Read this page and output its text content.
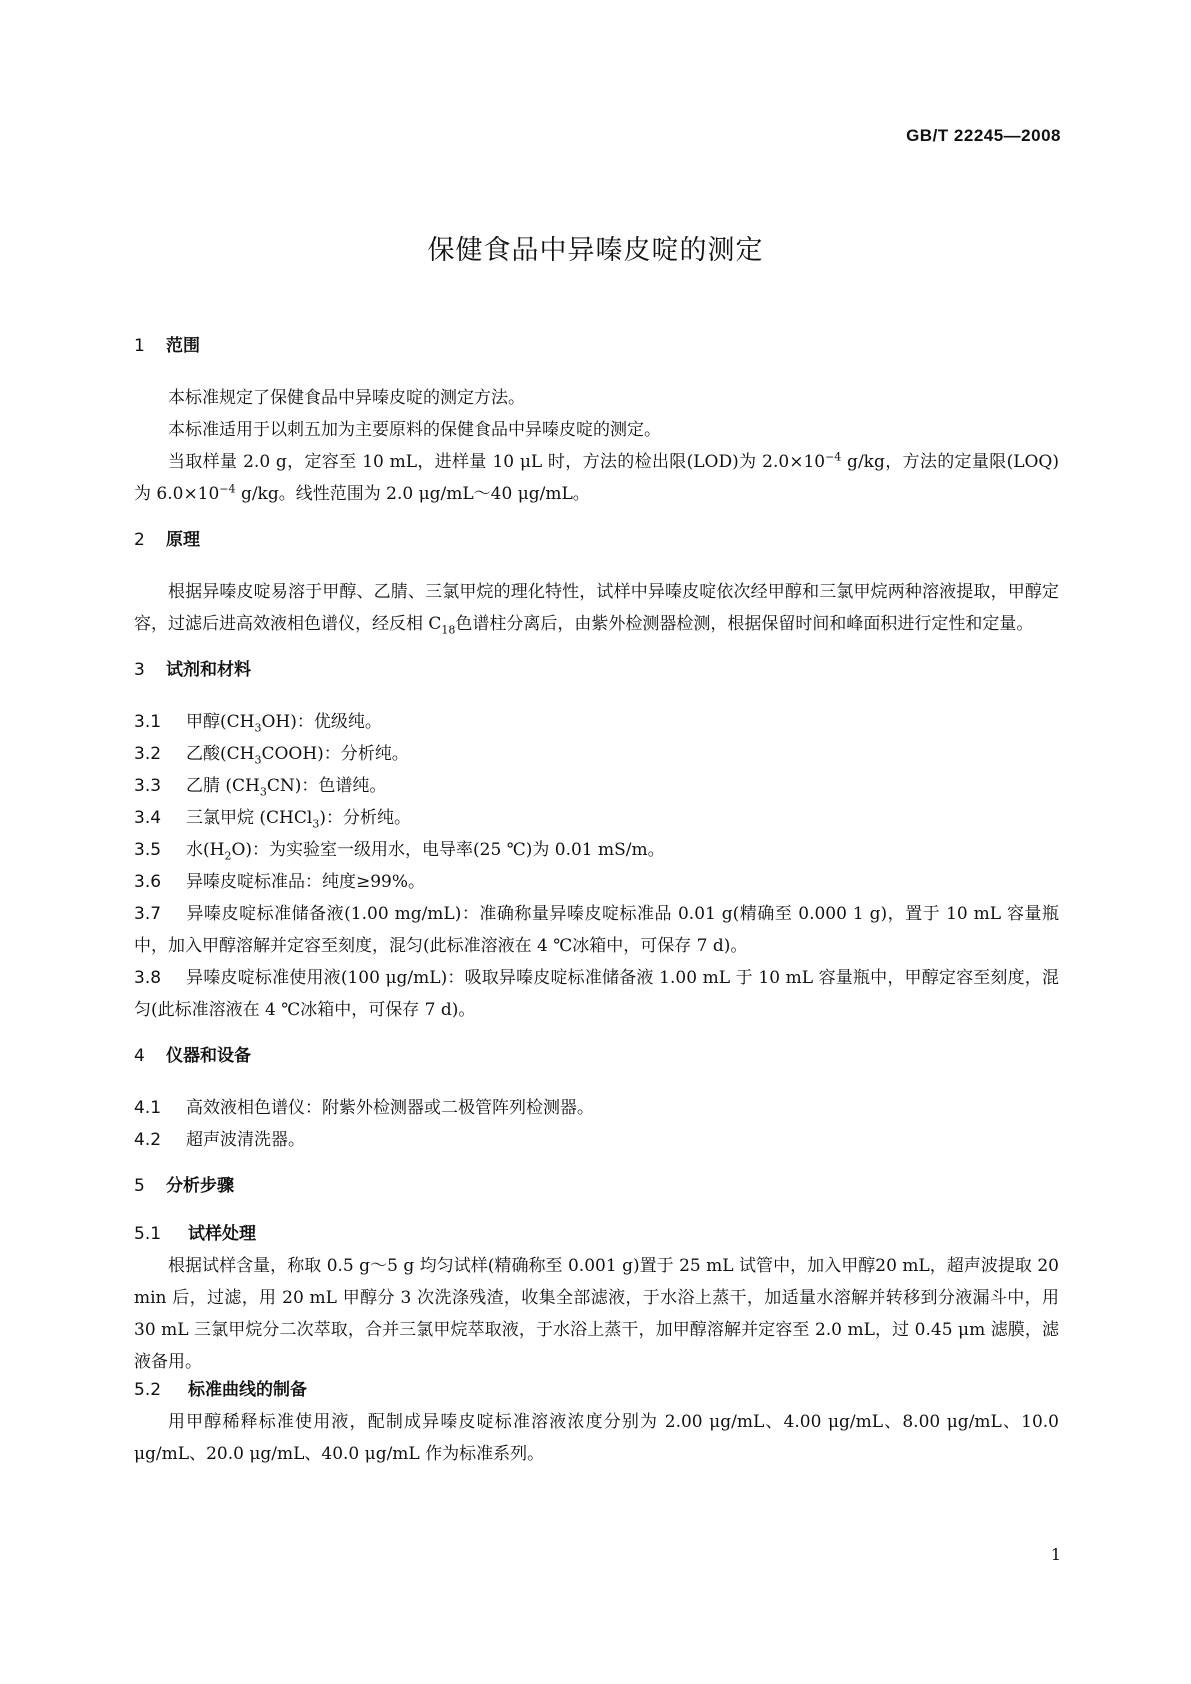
GB/T 22245—2008
保健食品中异嗪皮啶的测定
1 范围

本标准规定了保健食品中异嗪皮啶的测定方法。

本标准适用于以刺五加为主要原料的保健食品中异嗪皮啶的测定。

当取样量 2.0 g，定容至 10 mL，进样量 10 μL 时，方法的检出限(LOD)为 $2.0\times 10^{-4}$ g/kg，方法的定量限(LOQ)为 $6.0\times 10^{-4}$ g/kg。线性范围为 2.0 μg/mL～40 μg/mL。

2 原理

根据异嗪皮啶易溶于甲醇、乙腈、三氯甲烷的理化特性，试样中异嗪皮啶依次经甲醇和三氯甲烷两种溶液提取，甲醇定容，过滤后进高效液相色谱仪，经反相 $C_{18}$色谱柱分离后，由紫外检测器检测，根据保留时间和峰面积进行定性和定量。

3 试剂和材料
3.1 甲醇$(CH_3OH)$：优级纯。
3.2 乙酸$(CH_3COOH)$：分析纯。
3.3 乙腈 $(CH_3CN)$：色谱纯。
3.4 三氯甲烷 (CHCl$_3$)：分析纯。
3.5 水$(H_2O)$：为实验室一级用水，电导率(25 ℃)为 0.01 mS/m。
3.6 异嗪皮啶标准品：纯度≥99%。
3.7 异嗪皮啶标准储备液(1.00 mg/mL)：准确称量异嗪皮啶标准品 0.01 g(精确至 0.000 1 g)，置于 10 mL 容量瓶中，加入甲醇溶解并定容至刻度，混匀(此标准溶液在 4 ℃冰箱中，可保存 7 d)。
3.8 异嗪皮啶标准使用液(100 μg/mL)：吸取异嗪皮啶标准储备液 1.00 mL 于 10 mL 容量瓶中，甲醇定容至刻度，混匀(此标准溶液在 4 ℃冰箱中，可保存 7 d)。
4 仪器和设备
4.1 高效液相色谱仪：附紫外检测器或二极管阵列检测器。
4.2 超声波清洗器。
5 分析步骤
5.1 试样处理

根据试样含量，称取 0.5 g～5 g 均匀试样(精确称至 0.001 g)置于 25 mL 试管中，加入甲醇20 mL，超声波提取 20 min 后，过滤，用 20 mL 甲醇分 3 次洗涤残渣，收集全部滤液，于水浴上蒸干，加适量水溶解并转移到分液漏斗中，用 30 mL 三氯甲烷分二次萃取，合并三氯甲烷萃取液，于水浴上蒸干，加甲醇溶解并定容至 2.0 mL，过 0.45 μm 滤膜，滤液备用。

5.2 标准曲线的制备

用甲醇稀释标准使用液，配制成异嗪皮啶标准溶液浓度分别为 2.00 μg/mL、4.00 μg/mL、8.00 μg/mL、10.0 μg/mL、20.0 μg/mL、40.0 μg/mL 作为标准系列。

1
